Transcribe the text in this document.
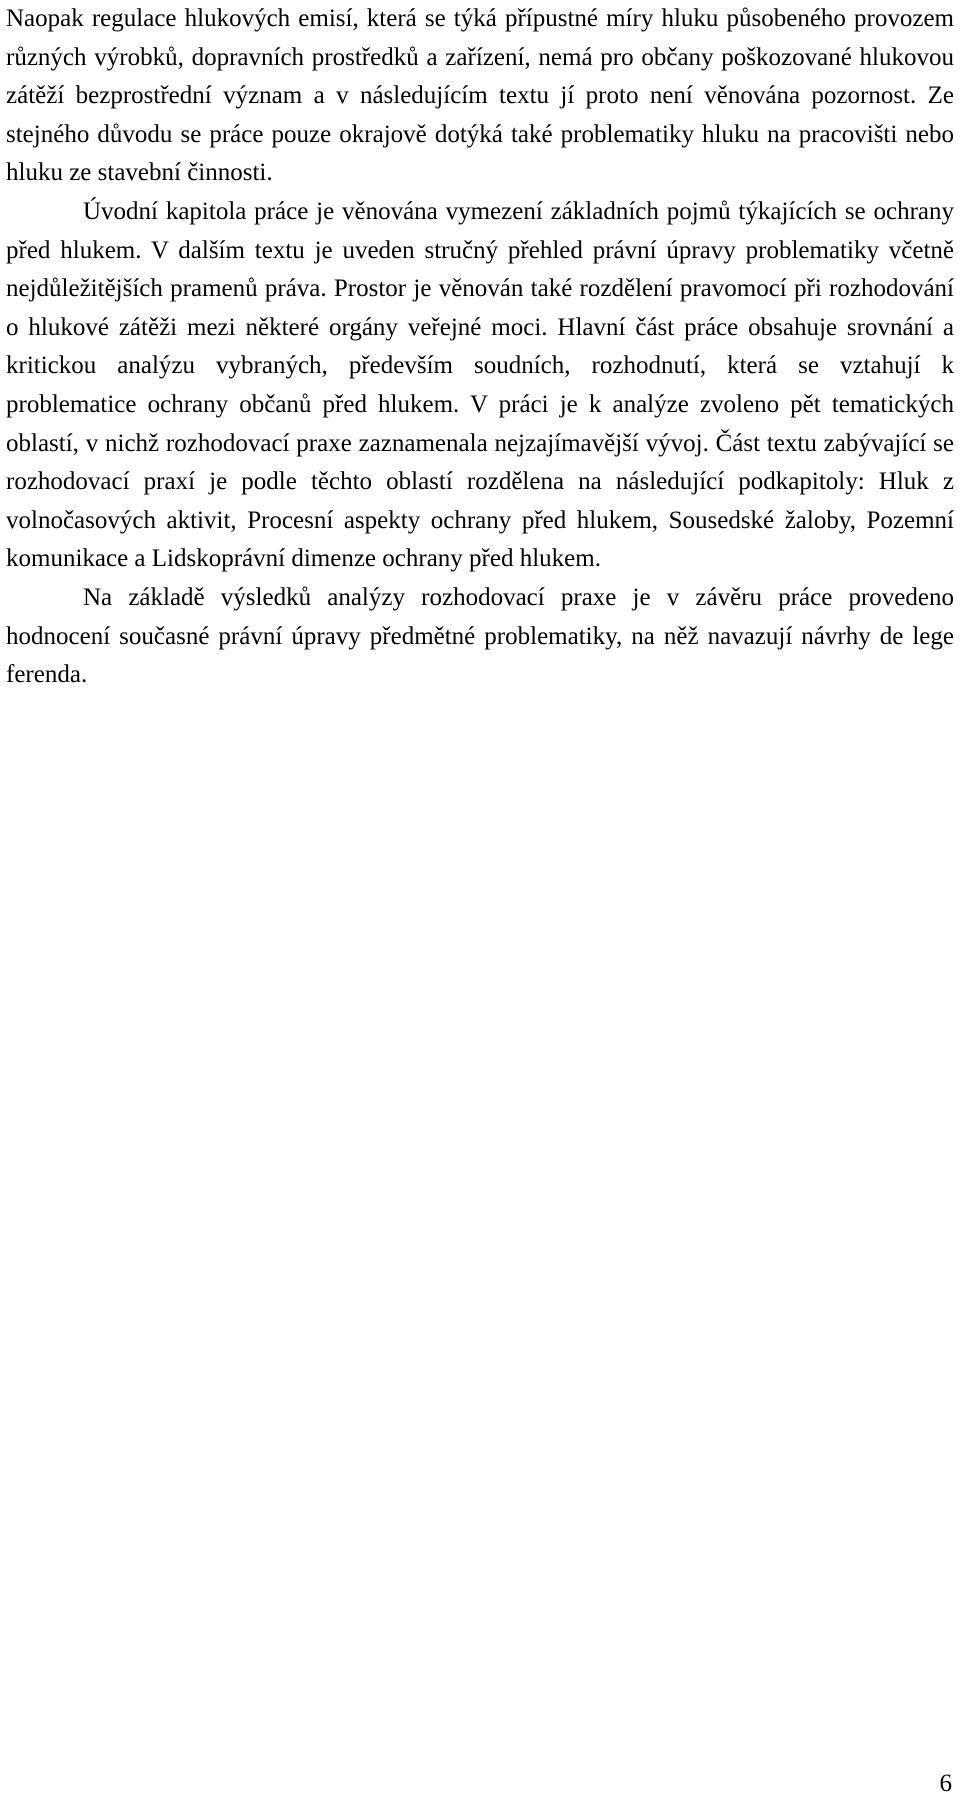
Naopak regulace hlukových emisí, která se týká přípustné míry hluku působeného provozem různých výrobků, dopravních prostředků a zařízení, nemá pro občany poškozované hlukovou zátěží bezprostřední význam a v následujícím textu jí proto není věnována pozornost. Ze stejného důvodu se práce pouze okrajově dotýká také problematiky hluku na pracovišti nebo hluku ze stavební činnosti.

Úvodní kapitola práce je věnována vymezení základních pojmů týkajících se ochrany před hlukem. V dalším textu je uveden stručný přehled právní úpravy problematiky včetně nejdůležitějších pramenů práva. Prostor je věnován také rozdělení pravomocí při rozhodování o hlukové zátěži mezi některé orgány veřejné moci. Hlavní část práce obsahuje srovnání a kritickou analýzu vybraných, především soudních, rozhodnutí, která se vztahují k problematice ochrany občanů před hlukem. V práci je k analýze zvoleno pět tematických oblastí, v nichž rozhodovací praxe zaznamenala nejzajímavější vývoj. Část textu zabývající se rozhodovací praxí je podle těchto oblastí rozdělena na následující podkapitoly: Hluk z volnočasových aktivit, Procesní aspekty ochrany před hlukem, Sousedské žaloby, Pozemní komunikace a Lidskoprávní dimenze ochrany před hlukem.

Na základě výsledků analýzy rozhodovací praxe je v závěru práce provedeno hodnocení současné právní úpravy předmětné problematiky, na něž navazují návrhy de lege ferenda.

6
